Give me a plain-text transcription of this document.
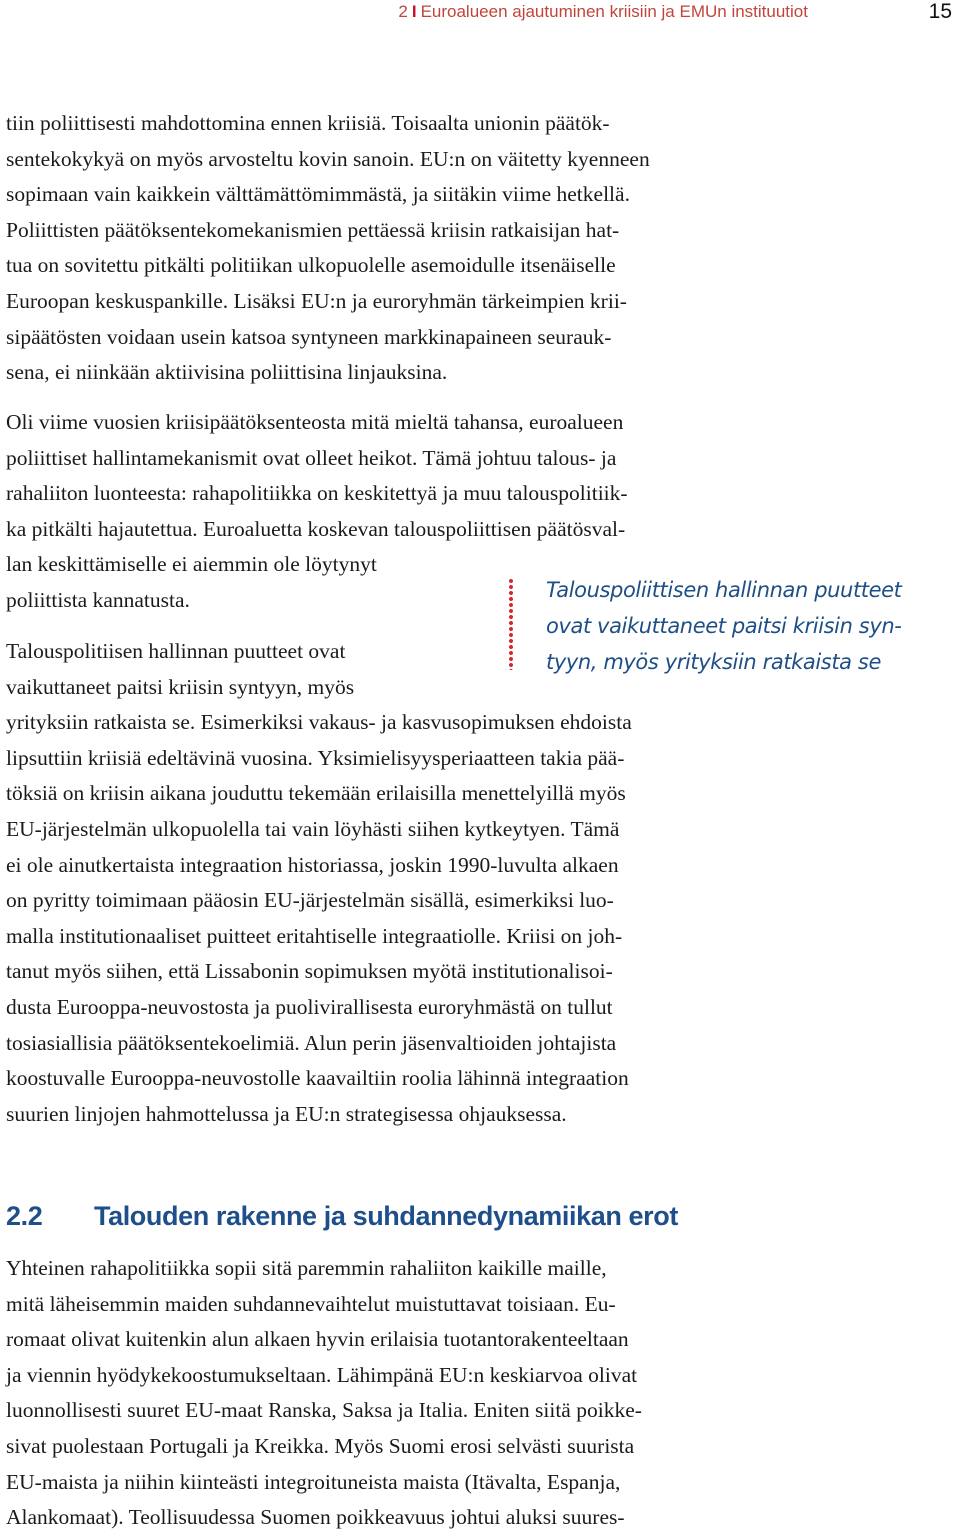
2 I Euroalueen ajautuminen kriisiin ja EMUn instituutiot	15

tiin poliittisesti mahdottomina ennen kriisiä. Toisaalta unionin päätök-
sentekokykyä on myös arvosteltu kovin sanoin. EU:n on väitetty kyenneen
sopimaan vain kaikkein välttämättömimmästä, ja siitäkin viime hetkellä.
Poliittisten päätöksentekomekanismien pettäessä kriisin ratkaisijan hat-
tua on sovitettu pitkälti politiikan ulkopuolelle asemoidulle itsenäiselle
Euroopan keskuspankille. Lisäksi EU:n ja euroryhmän tärkeimpien krii-
sipäätösten voidaan usein katsoa syntyneen markkinapaineen seurauk-
sena, ei niinkään aktiivisina poliittisina linjauksina.

Oli viime vuosien kriisipäätöksenteosta mitä mieltä tahansa, euroalueen
poliittiset hallintamekanismit ovat olleet heikot. Tämä johtuu talous- ja
rahaliiton luonteesta: rahapolitiikka on keskitettyä ja muu talouspolitiik-
ka pitkälti hajautettua. Euroaluetta koskevan talouspoliittisen päätösval-
lan keskittämiselle ei aiemmin ole löytynyt
poliittista kannatusta.	Talouspoliittisen hallinnan puutteet
ovat vaikuttaneet paitsi kriisin syn-
tyyn, myös yrityksiin ratkaista se

Talouspolitiisen hallinnan puutteet ovat
vaikuttaneet paitsi kriisin syntyyn, myös
yrityksiin ratkaista se. Esimerkiksi vakaus- ja kasvusopimuksen ehdoista
lipsuttiin kriisiä edeltävinä vuosina. Yksimielisyysperiaatteen takia pää-
töksiä on kriisin aikana jouduttu tekemään erilaisilla menettelyillä myös
EU-järjestelmän ulkopuolella tai vain löyhästi siihen kytkeytyen. Tämä
ei ole ainutkertaista integraation historiassa, joskin 1990-luvulta alkaen
on pyritty toimimaan pääosin EU-järjestelmän sisällä, esimerkiksi luo-
malla institutionaaliset puitteet eritahtiselle integraatiolle. Kriisi on joh-
tanut myös siihen, että Lissabonin sopimuksen myötä institutionalisoi-
dusta Eurooppa-neuvostosta ja puolivirallisesta euroryhmästä on tullut
tosiasiallisia päätöksentekoelimiä. Alun perin jäsenvaltioiden johtajista
koostuvalle Eurooppa-neuvostolle kaavailtiin roolia lähinnä integraation
suurien linjojen hahmottelussa ja EU:n strategisessa ohjauksessa.

2.2 Talouden rakenne ja suhdannedynamiikan erot

Yhteinen rahapolitiikka sopii sitä paremmin rahaliiton kaikille maille,
mitä läheisemmin maiden suhdannevaihtelut muistuttavat toisiaan. Eu-
romaat olivat kuitenkin alun alkaen hyvin erilaisia tuotantorakenteeltaan
ja viennin hyödykekoostumukseltaan. Lähimpänä EU:n keskiarvoa olivat
luonnollisesti suuret EU-maat Ranska, Saksa ja Italia. Eniten siitä poikke-
sivat puolestaan Portugali ja Kreikka. Myös Suomi erosi selvästi suurista
EU-maista ja niihin kiinteästi integroituneista maista (Itävalta, Espanja,
Alankomaat). Teollisuudessa Suomen poikkeavuus johtui aluksi suures-
